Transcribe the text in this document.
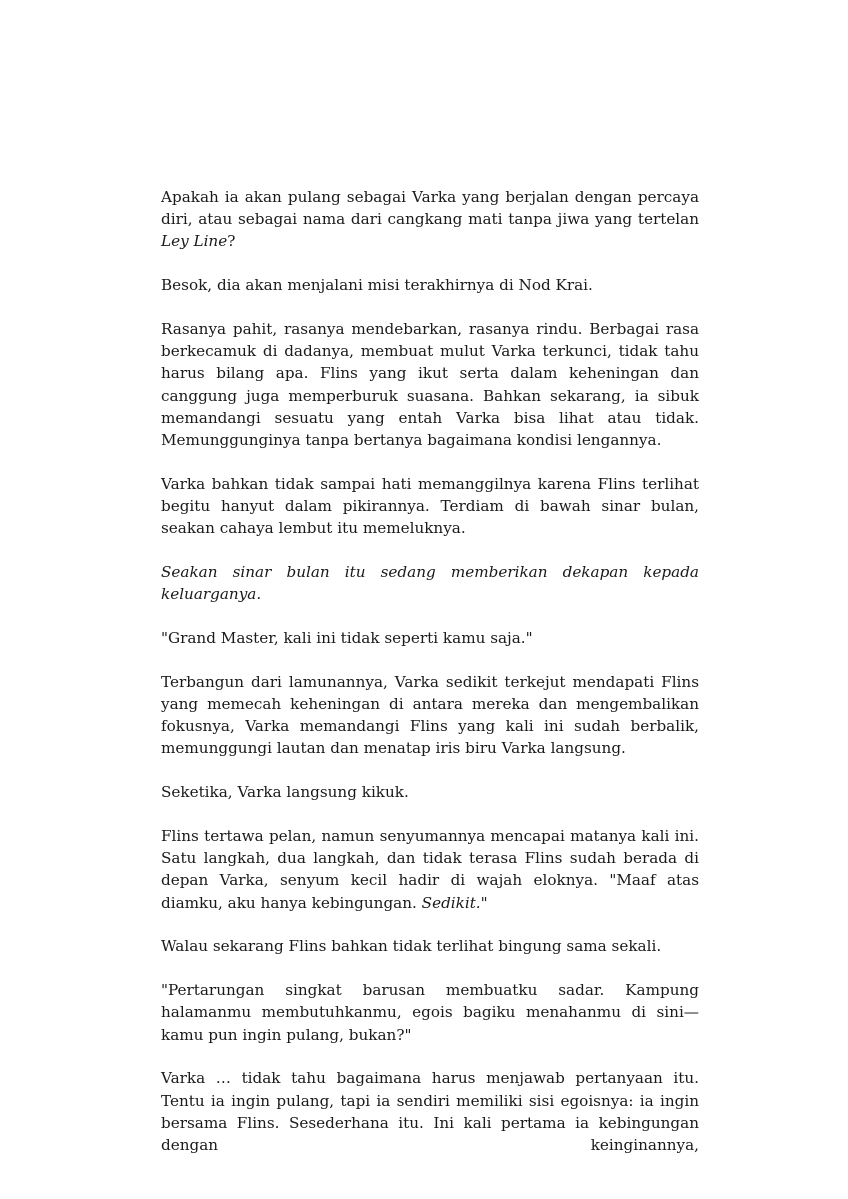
Apakah ia akan pulang sebagai Varka yang berjalan dengan percaya diri, atau sebagai nama dari cangkang mati tanpa jiwa yang tertelan Ley Line?

Besok, dia akan menjalani misi terakhirnya di Nod Krai.

Rasanya pahit, rasanya mendebarkan, rasanya rindu. Berbagai rasa berkecamuk di dadanya, membuat mulut Varka terkunci, tidak tahu harus bilang apa. Flins yang ikut serta dalam keheningan dan canggung juga memperburuk suasana. Bahkan sekarang, ia sibuk memandangi sesuatu yang entah Varka bisa lihat atau tidak. Memunggunginya tanpa bertanya bagaimana kondisi lengannya.

Varka bahkan tidak sampai hati memanggilnya karena Flins terlihat begitu hanyut dalam pikirannya. Terdiam di bawah sinar bulan, seakan cahaya lembut itu memeluknya.

Seakan sinar bulan itu sedang memberikan dekapan kepada keluarganya.

"Grand Master, kali ini tidak seperti kamu saja."

Terbangun dari lamunannya, Varka sedikit terkejut mendapati Flins yang memecah keheningan di antara mereka dan mengembalikan fokusnya, Varka memandangi Flins yang kali ini sudah berbalik, memunggungi lautan dan menatap iris biru Varka langsung.

Seketika, Varka langsung kikuk.

Flins tertawa pelan, namun senyumannya mencapai matanya kali ini. Satu langkah, dua langkah, dan tidak terasa Flins sudah berada di depan Varka, senyum kecil hadir di wajah eloknya. "Maaf atas diamku, aku hanya kebingungan. Sedikit."

Walau sekarang Flins bahkan tidak terlihat bingung sama sekali.

"Pertarungan singkat barusan membuatku sadar. Kampung halamanmu membutuhkanmu, egois bagiku menahanmu di sini—kamu pun ingin pulang, bukan?"

Varka … tidak tahu bagaimana harus menjawab pertanyaan itu. Tentu ia ingin pulang, tapi ia sendiri memiliki sisi egoisnya: ia ingin bersama Flins. Sesederhana itu. Ini kali pertama ia kebingungan dengan keinginannya,
